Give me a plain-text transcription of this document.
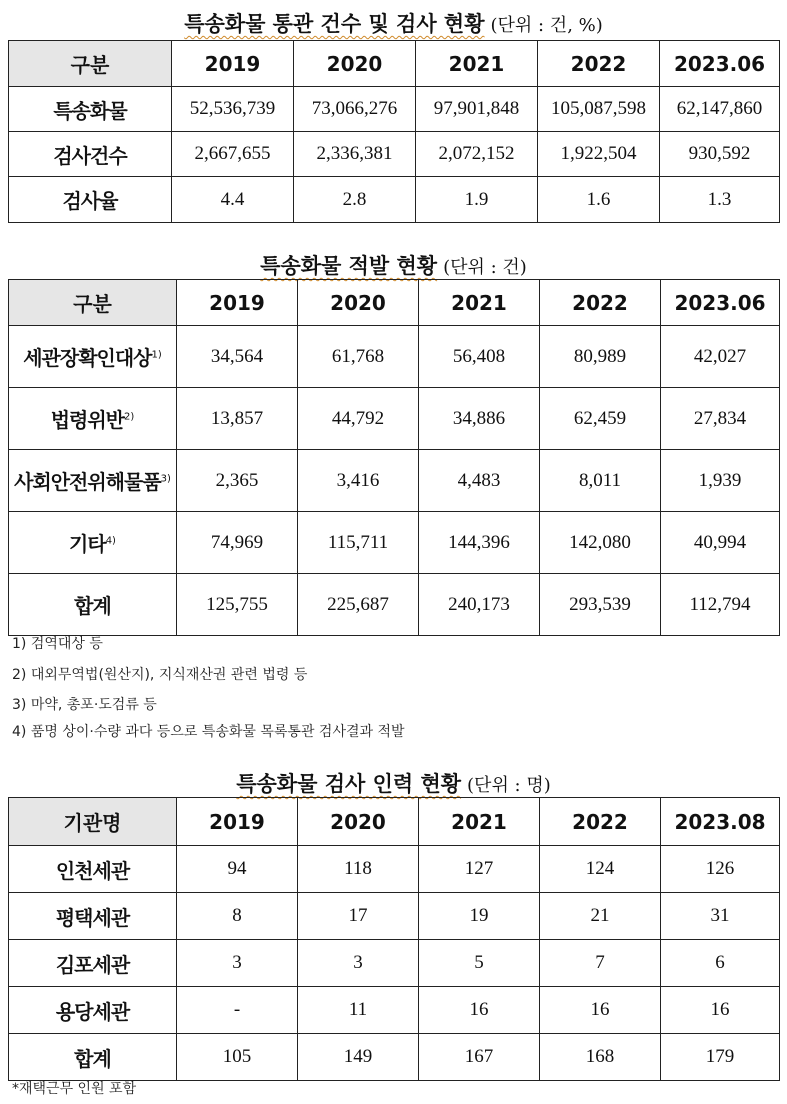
특송화물 통관 건수 및 검사 현황 (단위 : 건, %)
구분	2019	2020	2021	2022	2023.06
특송화물	52,536,739	73,066,276	97,901,848	105,087,598	62,147,860
검사건수	2,667,655	2,336,381	2,072,152	1,922,504	930,592
검사율	4.4	2.8	1.9	1.6	1.3
특송화물 적발 현황 (단위 : 건)
구분	2019	2020	2021	2022	2023.06
세관장확인대상$^{1)}$	34,564	61,768	56,408	80,989	42,027
법령위반$^{2)}$	13,857	44,792	34,886	62,459	27,834
사회안전위해물품$^{3)}$	2,365	3,416	4,483	8,011	1,939
기타$^{4)}$	74,969	115,711	144,396	142,080	40,994
합계	125,755	225,687	240,173	293,539	112,794
1) 검역대상 등
2) 대외무역법(원산지), 지식재산권 관련 법령 등
3) 마약, 총포·도검류 등
4) 품명 상이·수량 과다 등으로 특송화물 목록통관 검사결과 적발
특송화물 검사 인력 현황 (단위 : 명)
기관명	2019	2020	2021	2022	2023.08
인천세관	94	118	127	124	126
평택세관	8	17	19	21	31
김포세관	3	3	5	7	6
용당세관	-	11	16	16	16
합계	105	149	167	168	179
*재택근무 인원 포함
